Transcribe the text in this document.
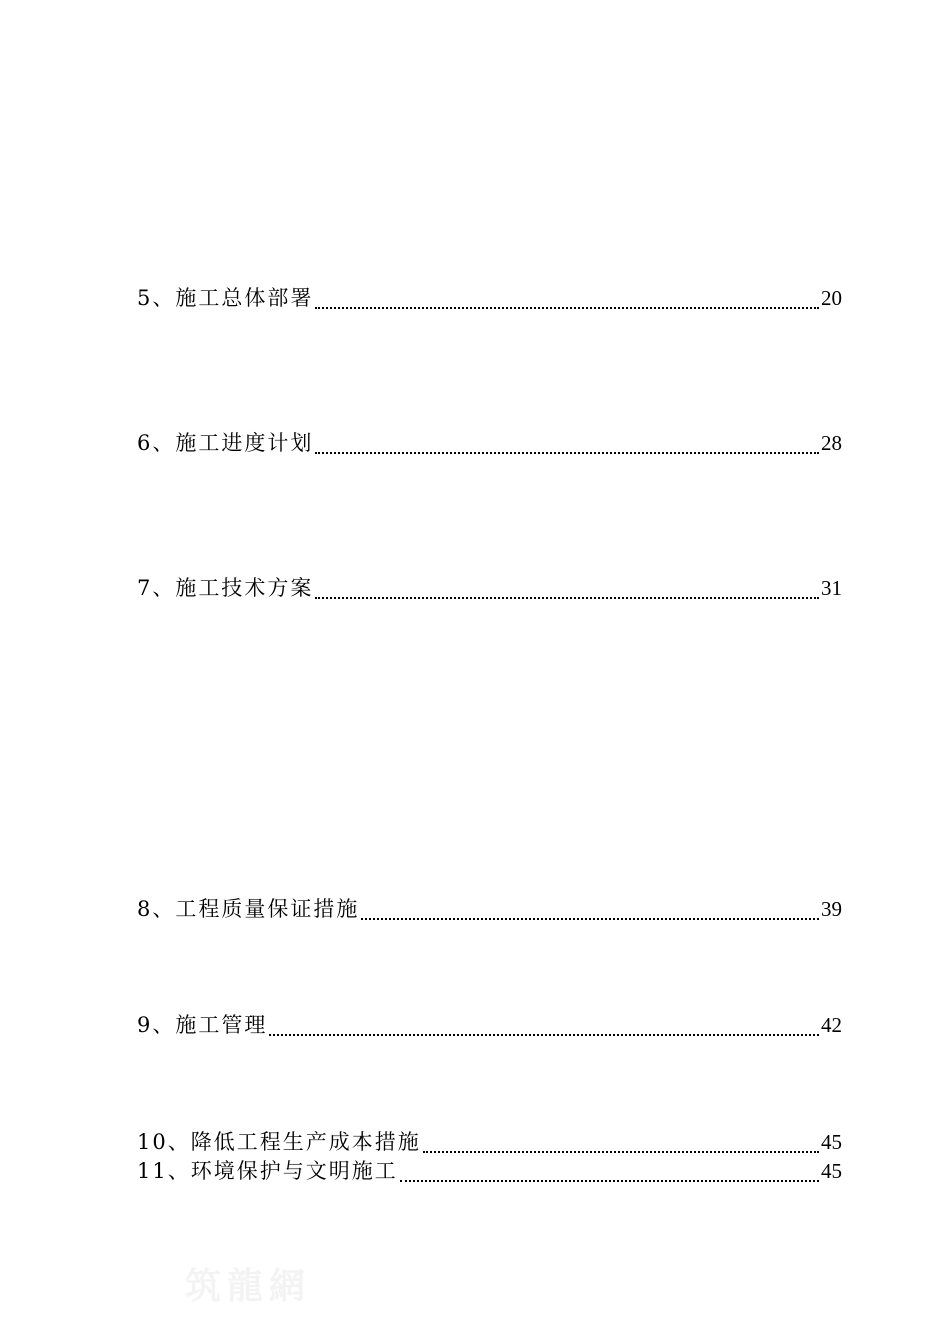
5、施工总体部署	20
6、施工进度计划	28
7、施工技术方案	31
8、工程质量保证措施	39
9、施工管理	42
10、降低工程生产成本措施	45
11、环境保护与文明施工	45
筑龍網
